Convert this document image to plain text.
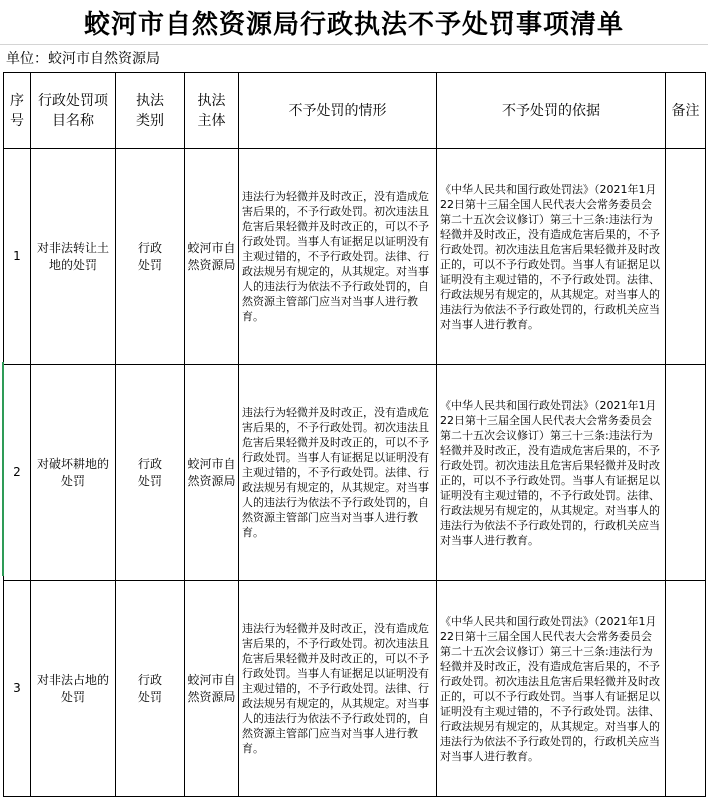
蛟河市自然资源局行政执法不予处罚事项清单
单位：蛟河市自然资源局
序号	行政处罚项目名称	执法类别	执法主体	不予处罚的情形	不予处罚的依据	备注
1	对非法转让土地的处罚	行政处罚	蛟河市自然资源局	违法行为轻微并及时改正，没有造成危害后果的，不予行政处罚。初次违法且危害后果轻微并及时改正的，可以不予行政处罚。当事人有证据足以证明没有主观过错的，不予行政处罚。法律、行政法规另有规定的，从其规定。对当事人的违法行为依法不予行政处罚的，自然资源主管部门应当对当事人进行教育。	《中华人民共和国行政处罚法》（2021年1月22日第十三届全国人民代表大会常务委员会第二十五次会议修订）第三十三条:违法行为轻微并及时改正，没有造成危害后果的，不予行政处罚。初次违法且危害后果轻微并及时改正的，可以不予行政处罚。当事人有证据足以证明没有主观过错的，不予行政处罚。法律、行政法规另有规定的，从其规定。对当事人的违法行为依法不予行政处罚的，行政机关应当对当事人进行教育。	

2	对破坏耕地的处罚	行政处罚	蛟河市自然资源局	违法行为轻微并及时改正，没有造成危害后果的，不予行政处罚。初次违法且危害后果轻微并及时改正的，可以不予行政处罚。当事人有证据足以证明没有主观过错的，不予行政处罚。法律、行政法规另有规定的，从其规定。对当事人的违法行为依法不予行政处罚的，自然资源主管部门应当对当事人进行教育。	《中华人民共和国行政处罚法》（2021年1月22日第十三届全国人民代表大会常务委员会第二十五次会议修订）第三十三条:违法行为轻微并及时改正，没有造成危害后果的，不予行政处罚。初次违法且危害后果轻微并及时改正的，可以不予行政处罚。当事人有证据足以证明没有主观过错的，不予行政处罚。法律、行政法规另有规定的，从其规定。对当事人的违法行为依法不予行政处罚的，行政机关应当对当事人进行教育。	

3	对非法占地的处罚	行政处罚	蛟河市自然资源局	违法行为轻微并及时改正，没有造成危害后果的，不予行政处罚。初次违法且危害后果轻微并及时改正的，可以不予行政处罚。当事人有证据足以证明没有主观过错的，不予行政处罚。法律、行政法规另有规定的，从其规定。对当事人的违法行为依法不予行政处罚的，自然资源主管部门应当对当事人进行教育。	《中华人民共和国行政处罚法》（2021年1月22日第十三届全国人民代表大会常务委员会第二十五次会议修订）第三十三条:违法行为轻微并及时改正，没有造成危害后果的，不予行政处罚。初次违法且危害后果轻微并及时改正的，可以不予行政处罚。当事人有证据足以证明没有主观过错的，不予行政处罚。法律、行政法规另有规定的，从其规定。对当事人的违法行为依法不予行政处罚的，行政机关应当对当事人进行教育。	
